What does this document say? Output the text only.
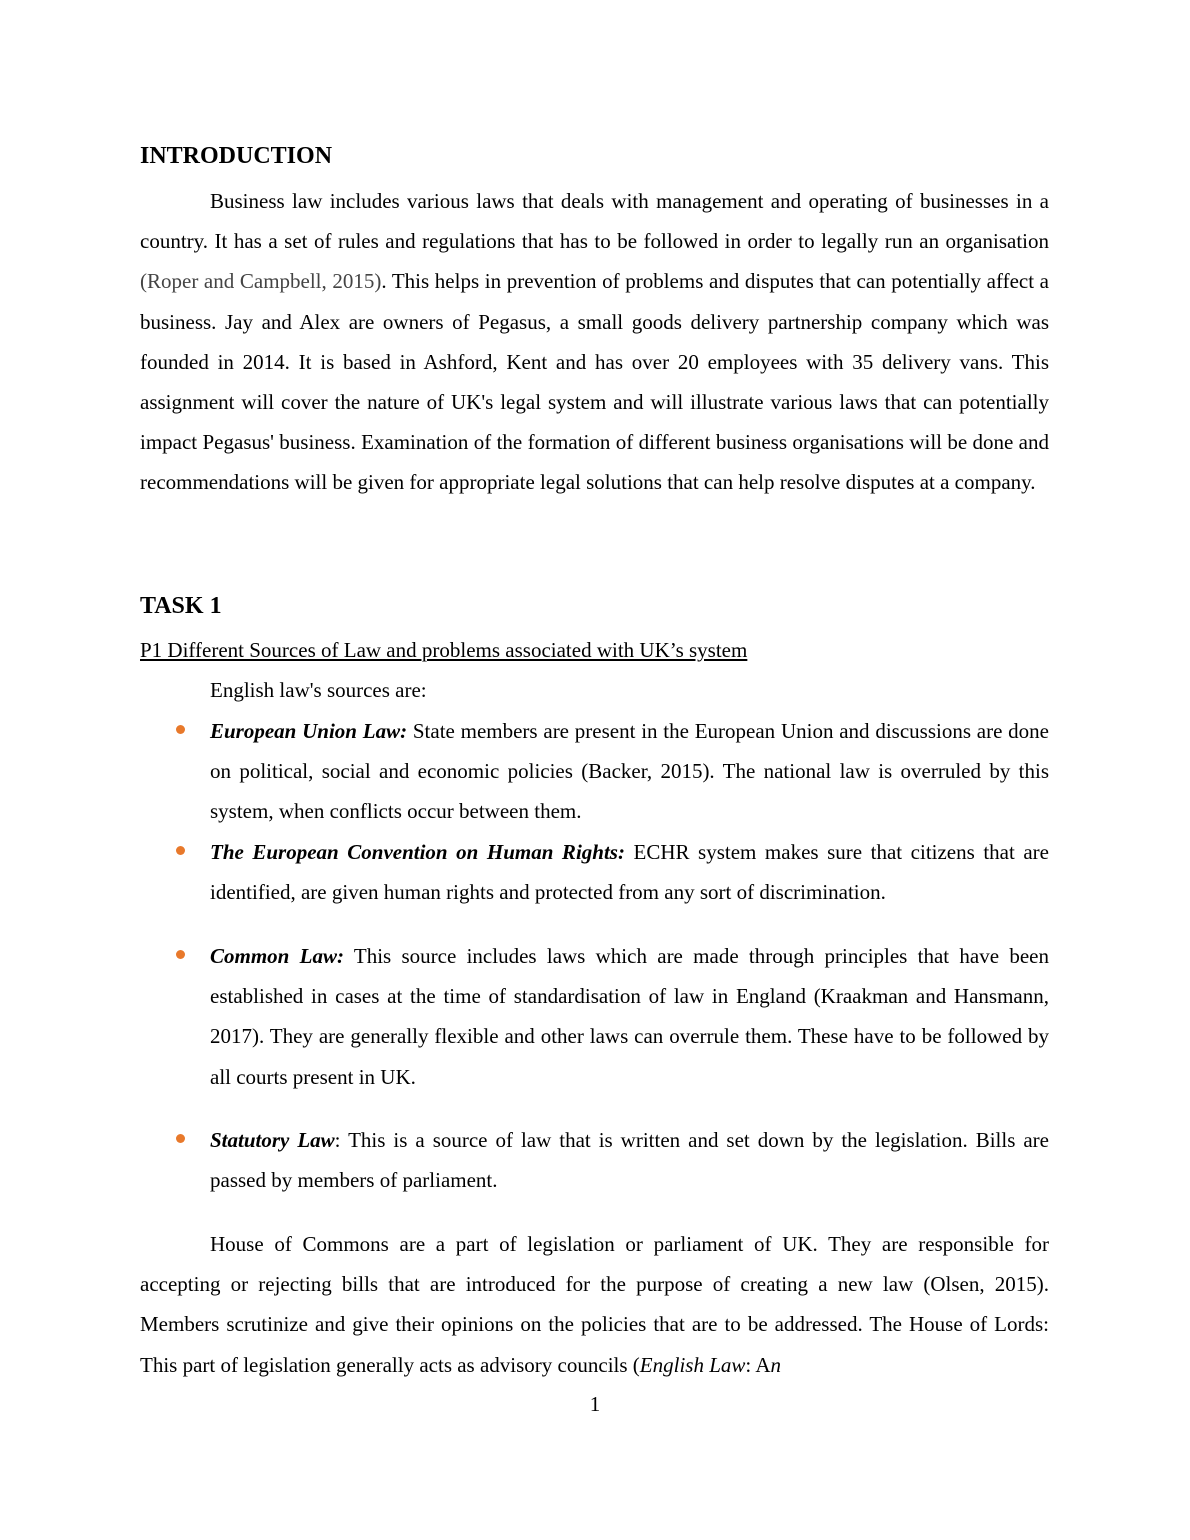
INTRODUCTION

Business law includes various laws that deals with management and operating of businesses in a country. It has a set of rules and regulations that has to be followed in order to legally run an organisation (Roper and Campbell, 2015). This helps in prevention of problems and disputes that can potentially affect a business. Jay and Alex are owners of Pegasus, a small goods delivery partnership company which was founded in 2014. It is based in Ashford, Kent and has over 20 employees with 35 delivery vans. This assignment will cover the nature of UK's legal system and will illustrate various laws that can potentially impact Pegasus' business. Examination of the formation of different business organisations will be done and recommendations will be given for appropriate legal solutions that can help resolve disputes at a company.

TASK 1

P1 Different Sources of Law and problems associated with UK’s system

English law's sources are:

European Union Law: State members are present in the European Union and discussions are done on political, social and economic policies (Backer, 2015). The national law is overruled by this system, when conflicts occur between them.

The European Convention on Human Rights: ECHR system makes sure that citizens that are identified, are given human rights and protected from any sort of discrimination.

Common Law: This source includes laws which are made through principles that have been established in cases at the time of standardisation of law in England (Kraakman and Hansmann, 2017). They are generally flexible and other laws can overrule them. These have to be followed by all courts present in UK.

Statutory Law: This is a source of law that is written and set down by the legislation. Bills are passed by members of parliament.

House of Commons are a part of legislation or parliament of UK. They are responsible for accepting or rejecting bills that are introduced for the purpose of creating a new law (Olsen, 2015). Members scrutinize and give their opinions on the policies that are to be addressed. The House of Lords: This part of legislation generally acts as advisory councils (English Law: An

1
